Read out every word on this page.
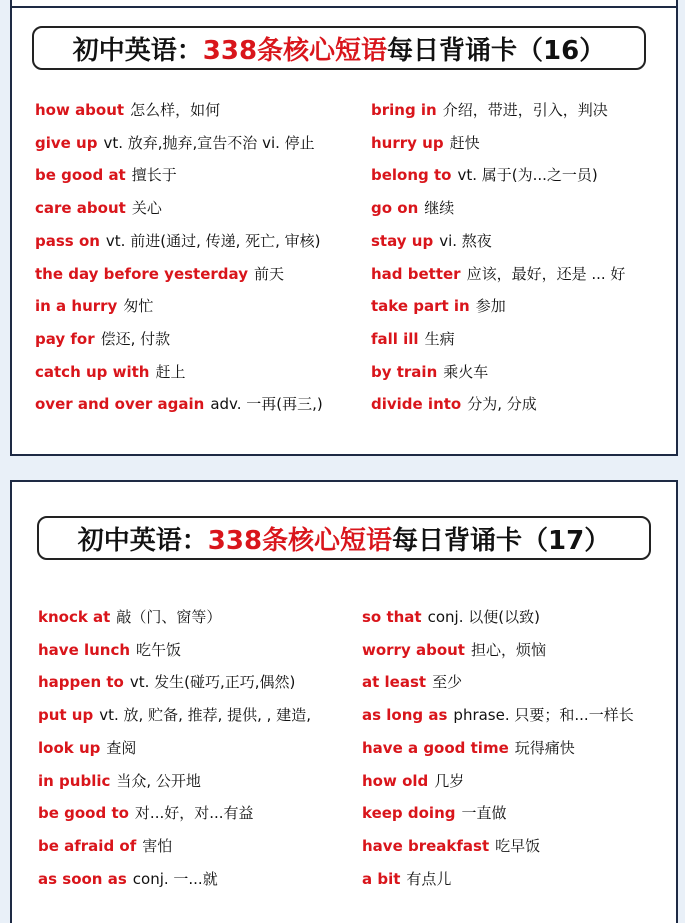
初中英语： 338条核心短语 每日背诵卡（16）
how about 怎么样，如何
give up vt. 放弃,抛弃,宣告不治 vi. 停止
be good at 擅长于
care about 关心
pass on vt. 前进(通过, 传递, 死亡, 审核)
the day before yesterday 前天
in a hurry 匆忙
pay for 偿还, 付款
catch up with 赶上
over and over again adv. 一再(再三,)
bring in 介绍，带进，引入，判决
hurry up 赶快
belong to vt. 属于(为...之一员)
go on 继续
stay up vi. 熬夜
had better 应该，最好，还是 ... 好
take part in 参加
fall ill 生病
by train 乘火车
divide into 分为, 分成
初中英语： 338条核心短语 每日背诵卡（17）
knock at 敲（门、窗等）
have lunch 吃午饭
happen to vt. 发生(碰巧,正巧,偶然)
put up vt. 放, 贮备, 推荐, 提供, , 建造,
look up 查阅
in public 当众, 公开地
be good to 对...好，对...有益
be afraid of 害怕
as soon as conj. 一...就
so that conj. 以便(以致)
worry about 担心，烦恼
at least 至少
as long as phrase. 只要；和...一样长
have a good time 玩得痛快
how old 几岁
keep doing 一直做
have breakfast 吃早饭
a bit 有点儿
